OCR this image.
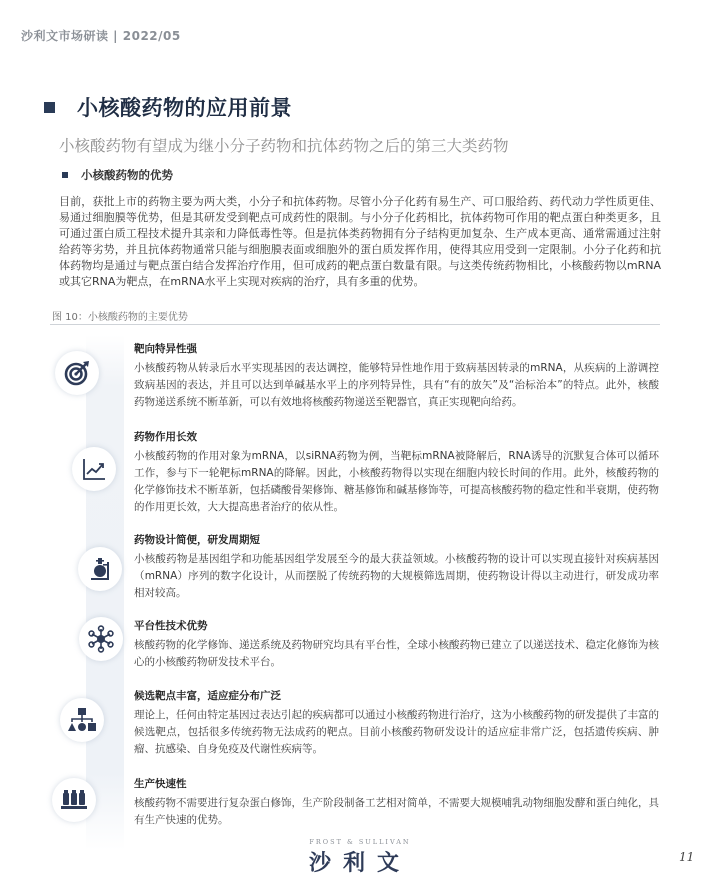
沙利文市场研读 | 2022/05
小核酸药物的应用前景
小核酸药物有望成为继小分子药物和抗体药物之后的第三大类药物
小核酸药物的优势
目前，获批上市的药物主要为两大类，小分子和抗体药物。尽管小分子化药有易生产、可口服给药、药代动力学性质更佳、易通过细胞膜等优势，但是其研发受到靶点可成药性的限制。与小分子化药相比，抗体药物可作用的靶点蛋白种类更多，且可通过蛋白质工程技术提升其亲和力降低毒性等。但是抗体类药物拥有分子结构更加复杂、生产成本更高、通常需通过注射给药等劣势，并且抗体药物通常只能与细胞膜表面或细胞外的蛋白质发挥作用，使得其应用受到一定限制。小分子化药和抗体药物均是通过与靶点蛋白结合发挥治疗作用，但可成药的靶点蛋白数量有限。与这类传统药物相比，小核酸药物以mRNA或其它RNA为靶点，在mRNA水平上实现对疾病的治疗，具有多重的优势。
图 10：小核酸药物的主要优势
靶向特异性强
小核酸药物从转录后水平实现基因的表达调控，能够特异性地作用于致病基因转录的mRNA，从疾病的上游调控致病基因的表达，并且可以达到单碱基水平上的序列特异性，具有“有的放矢”及“治标治本”的特点。此外，核酸药物递送系统不断革新，可以有效地将核酸药物递送至靶器官，真正实现靶向给药。
药物作用长效
小核酸药物的作用对象为mRNA，以siRNA药物为例，当靶标mRNA被降解后，RNA诱导的沉默复合体可以循环工作，参与下一轮靶标mRNA的降解。因此，小核酸药物得以实现在细胞内较长时间的作用。此外，核酸药物的化学修饰技术不断革新，包括磷酸骨架修饰、糖基修饰和碱基修饰等，可提高核酸药物的稳定性和半衰期，使药物的作用更长效，大大提高患者治疗的依从性。
药物设计简便，研发周期短
小核酸药物是基因组学和功能基因组学发展至今的最大获益领域。小核酸药物的设计可以实现直接针对疾病基因（mRNA）序列的数字化设计，从而摆脱了传统药物的大规模筛选周期，使药物设计得以主动进行，研发成功率相对较高。
平台性技术优势
核酸药物的化学修饰、递送系统及药物研究均具有平台性，全球小核酸药物已建立了以递送技术、稳定化修饰为核心的小核酸药物研发技术平台。
候选靶点丰富，适应症分布广泛
理论上，任何由特定基因过表达引起的疾病都可以通过小核酸药物进行治疗，这为小核酸药物的研发提供了丰富的候选靶点，包括很多传统药物无法成药的靶点。目前小核酸药物研发设计的适应症非常广泛，包括遗传疾病、肿瘤、抗感染、自身免疫及代谢性疾病等。
生产快速性
核酸药物不需要进行复杂蛋白修饰，生产阶段制备工艺相对简单，不需要大规模哺乳动物细胞发酵和蛋白纯化，具有生产快速的优势。
FROST & SULLIVAN
沙利文	11
